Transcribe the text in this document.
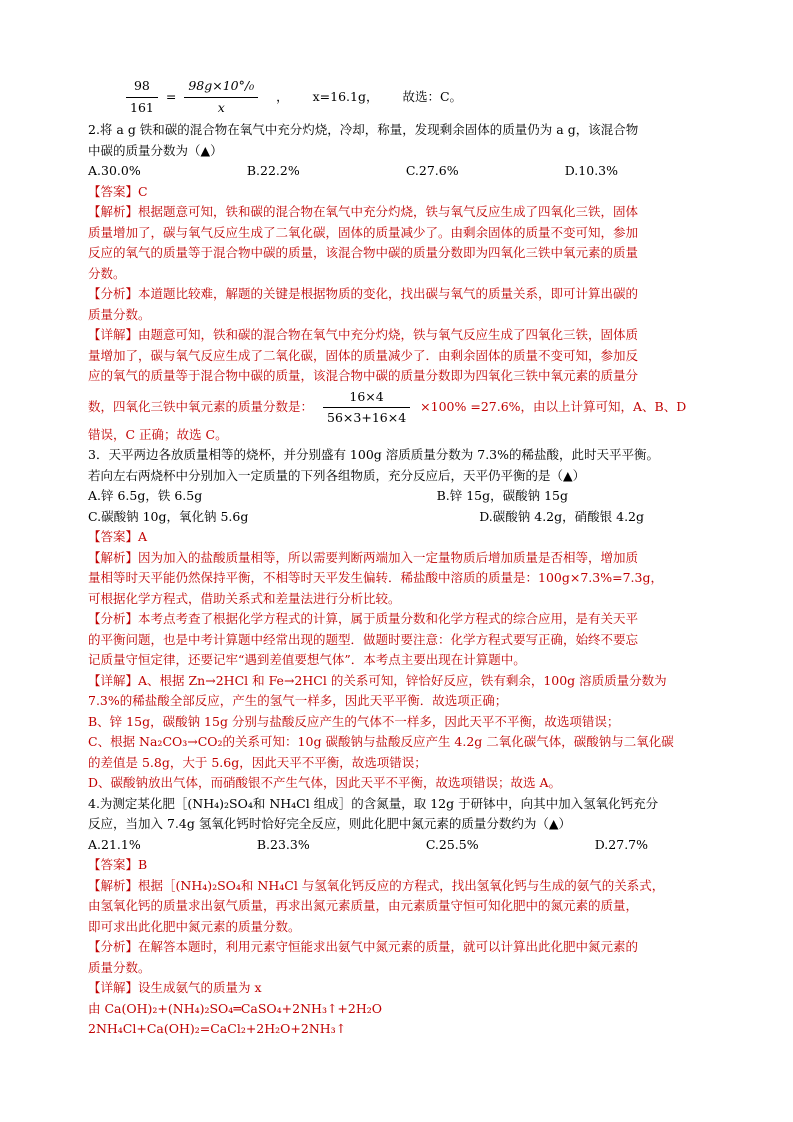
$\frac{98}{161} = \frac{\text{98g×10°/₀}}{x}$ ， x=16.1g， 故选：C。
2.将 a g 铁和碳的混合物在氧气中充分灼烧，冷却，称量，发现剩余固体的质量仍为 a g，该混合物
中碳的质量分数为（▲）
A.30.0%	B.22.2%	C.27.6%	D.10.3%
【答案】C
【解析】根据题意可知，铁和碳的混合物在氧气中充分灼烧，铁与氧气反应生成了四氧化三铁，固体
质量增加了，碳与氧气反应生成了二氧化碳，固体的质量减少了。由剩余固体的质量不变可知，参加
反应的氧气的质量等于混合物中碳的质量，该混合物中碳的质量分数即为四氧化三铁中氧元素的质量
分数。
【分析】本道题比较难，解题的关键是根据物质的变化，找出碳与氧气的质量关系，即可计算出碳的
质量分数。
【详解】由题意可知，铁和碳的混合物在氧气中充分灼烧，铁与氧气反应生成了四氧化三铁，固体质
量增加了，碳与氧气反应生成了二氧化碳，固体的质量减少了．由剩余固体的质量不变可知，参加反
应的氧气的质量等于混合物中碳的质量，该混合物中碳的质量分数即为四氧化三铁中氧元素的质量分
数，四氧化三铁中氧元素的质量分数是： $\frac{16\times 4}{56\times 3+16\times 4} \times 100\% =27.6\%$，由以上计算可知，A、B、D
错误，C 正确；故选 C。
3．天平两边各放质量相等的烧杯，并分别盛有 100g 溶质质量分数为 7.3%的稀盐酸，此时天平平衡。
若向左右两烧杯中分别加入一定质量的下列各组物质，充分反应后，天平仍平衡的是（▲）
A.锌 6.5g，铁 6.5g	B.锌 15g，碳酸钠 15g
C.碳酸钠 10g，氧化钠 5.6g	D.碳酸钠 4.2g，硝酸银 4.2g
【答案】A
【解析】因为加入的盐酸质量相等，所以需要判断两端加入一定量物质后增加质量是否相等，增加质
量相等时天平能仍然保持平衡，不相等时天平发生偏转．稀盐酸中溶质的质量是：100g×7.3%=7.3g，
可根据化学方程式，借助关系式和差量法进行分析比较。
【分析】本考点考查了根据化学方程式的计算，属于质量分数和化学方程式的综合应用，是有关天平
的平衡问题，也是中考计算题中经常出现的题型．做题时要注意：化学方程式要写正确，始终不要忘
记质量守恒定律，还要记牢“遇到差值要想气体”．本考点主要出现在计算题中。
【详解】A、根据 Zn→2HCl 和 Fe→2HCl 的关系可知，锌恰好反应，铁有剩余，100g 溶质质量分数为
7.3%的稀盐酸全部反应，产生的氢气一样多，因此天平平衡．故选项正确；
B、锌 15g，碳酸钠 15g 分别与盐酸反应产生的气体不一样多，因此天平不平衡，故选项错误；
C、根据 Na₂CO₃→CO₂的关系可知：10g 碳酸钠与盐酸反应产生 4.2g 二氧化碳气体，碳酸钠与二氧化碳
的差值是 5.8g，大于 5.6g，因此天平不平衡，故选项错误；
D、碳酸钠放出气体，而硝酸银不产生气体，因此天平不平衡，故选项错误；故选 A。
4.为测定某化肥［(NH₄)₂SO₄和 NH₄Cl 组成］的含氮量，取 12g 于研钵中，向其中加入氢氧化钙充分
反应，当加入 7.4g 氢氧化钙时恰好完全反应，则此化肥中氮元素的质量分数约为（▲）
A.21.1%	B.23.3%	C.25.5%	D.27.7%
【答案】B
【解析】根据［(NH₄)₂SO₄和 NH₄Cl 与氢氧化钙反应的方程式，找出氢氧化钙与生成的氨气的关系式，
由氢氧化钙的质量求出氨气质量，再求出氮元素质量，由元素质量守恒可知化肥中的氮元素的质量，
即可求出此化肥中氮元素的质量分数。
【分析】在解答本题时，利用元素守恒能求出氨气中氮元素的质量，就可以计算出此化肥中氮元素的
质量分数。
【详解】设生成氨气的质量为 x
由 Ca(OH)₂+(NH₄)₂SO₄═CaSO₄+2NH₃↑+2H₂O
2NH₄Cl+Ca(OH)₂=CaCl₂+2H₂O+2NH₃↑
